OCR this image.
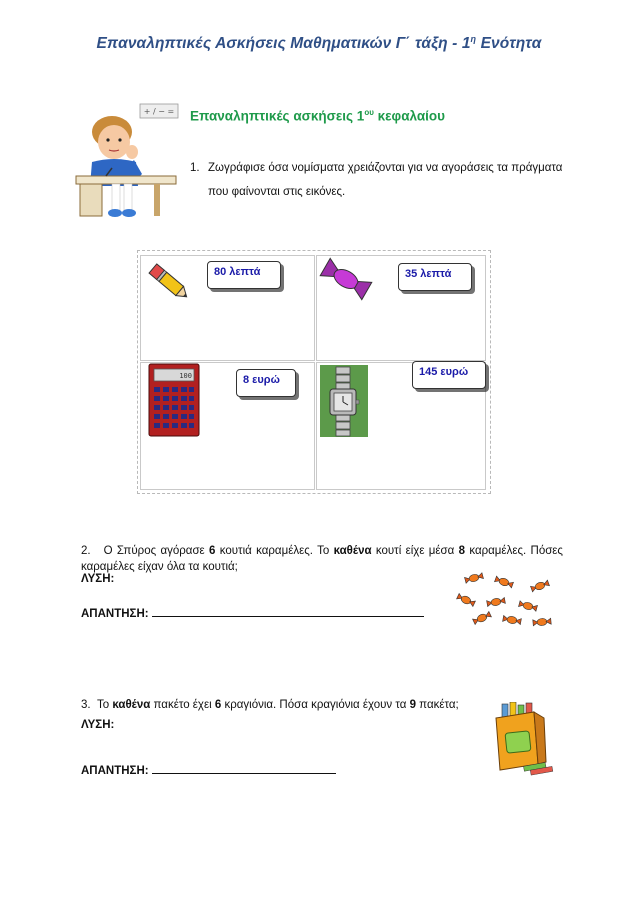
Επαναληπτικές Ασκήσεις Μαθηματικών Γ΄ τάξη - $1^\eta$ Ενότητα
+ / − = Επαναληπτικές ασκήσεις $1^{o\upsilon}$ κεφαλαίου
1. Ζωγράφισε όσα νομίσματα χρειάζονται για να αγοράσεις τα πράγματα
που φαίνονται στις εικόνες.
80 λεπτά	35 λεπτά
100	8 ευρώ
145 ευρώ
2. Ο Σπύρος αγόρασε 6 κουτιά καραμέλες. Το καθένα κουτί είχε μέσα 8 καραμέλες. Πόσες καραμέλες είχαν όλα τα κουτιά;
ΛΥΣΗ:
ΑΠΑΝΤΗΣΗ:
3. Το καθένα πακέτο έχει 6 κραγιόνια. Πόσα κραγιόνια έχουν τα 9 πακέτα;
ΛΥΣΗ:
ΑΠΑΝΤΗΣΗ:
